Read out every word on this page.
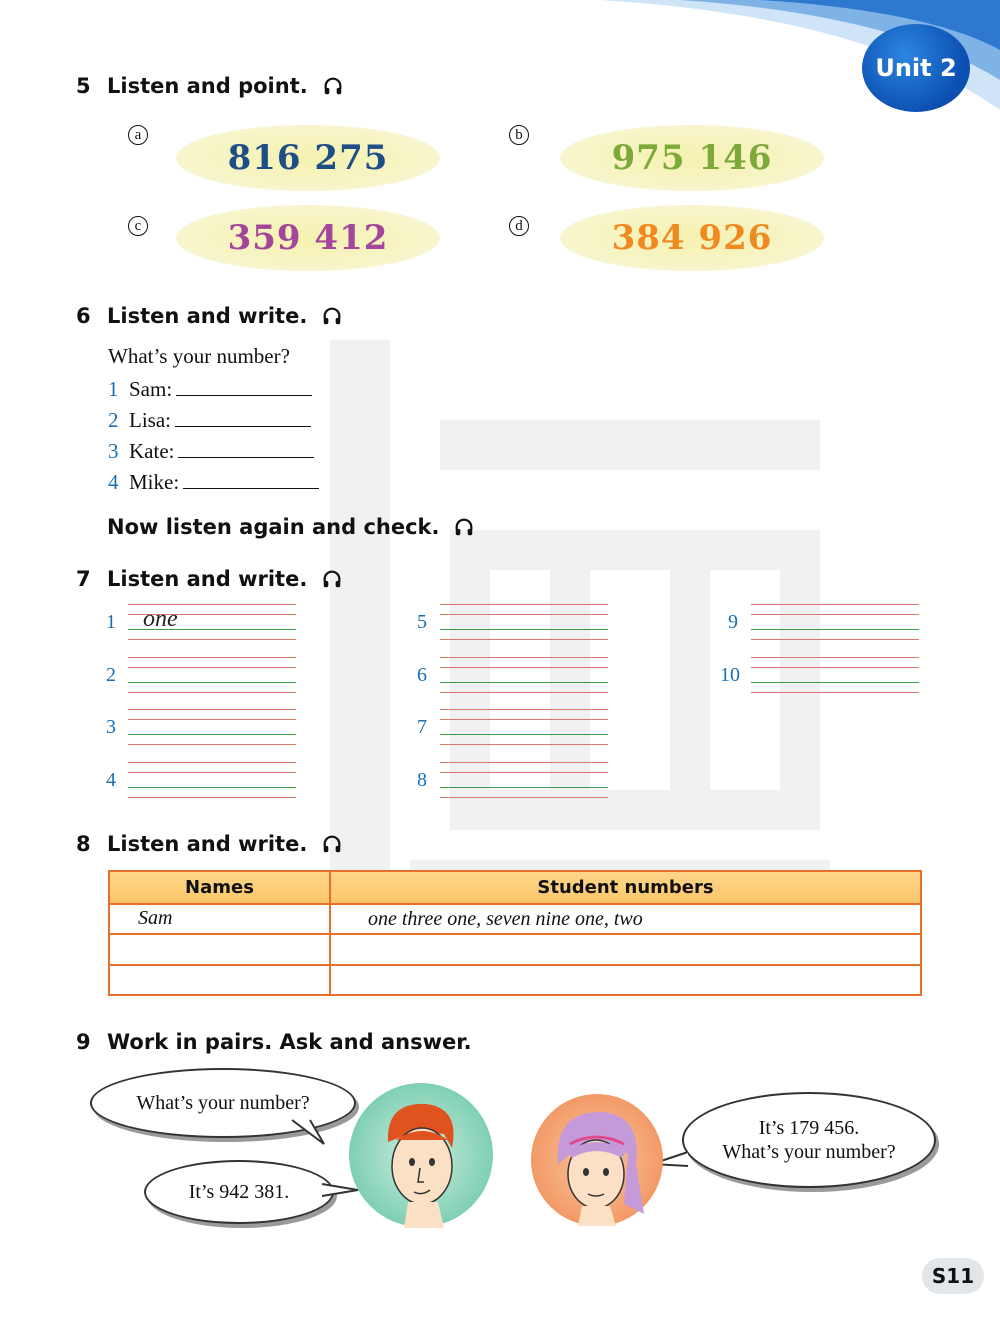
Unit 2
5 Listen and point.
a
816 275
b
975 146
c	359 412	d	384 926
6 Listen and write.
What’s your number?
1 Sam:
2 Lisa:
3 Kate:
4 Mike:
Now listen again and check.
7 Listen and write.
1
2
3
4
5
6
7
8
9
10
one
8 Listen and write.
Names	Student numbers
Sam	one three one, seven nine one, two
9 Work in pairs. Ask and answer.
What’s your number?
It’s 942 381.
It’s 179 456.
What’s your number?
S11
